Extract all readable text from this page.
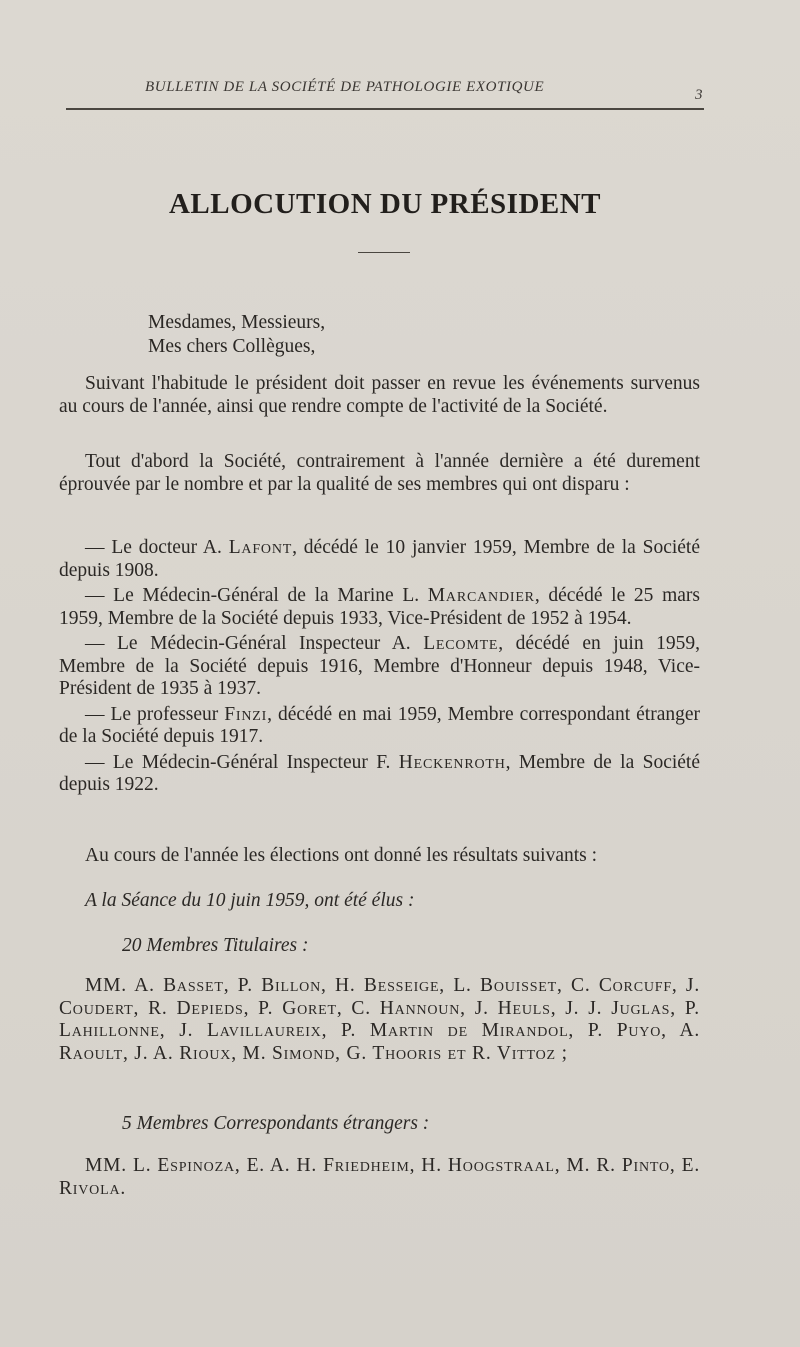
BULLETIN DE LA SOCIÉTÉ DE PATHOLOGIE EXOTIQUE	3
ALLOCUTION DU PRÉSIDENT
Mesdames, Messieurs,
Mes chers Collègues,

Suivant l'habitude le président doit passer en revue les événements survenus au cours de l'année, ainsi que rendre compte de l'activité de la Société.

Tout d'abord la Société, contrairement à l'année dernière a été durement éprouvée par le nombre et par la qualité de ses membres qui ont disparu :

— Le docteur A. Lafont, décédé le 10 janvier 1959, Membre de la Société depuis 1908.

— Le Médecin-Général de la Marine L. Marcandier, décédé le 25 mars 1959, Membre de la Société depuis 1933, Vice-Président de 1952 à 1954.

— Le Médecin-Général Inspecteur A. Lecomte, décédé en juin 1959, Membre de la Société depuis 1916, Membre d'Honneur depuis 1948, Vice-Président de 1935 à 1937.

— Le professeur Finzi, décédé en mai 1959, Membre correspondant étranger de la Société depuis 1917.

— Le Médecin-Général Inspecteur F. Heckenroth, Membre de la Société depuis 1922.

Au cours de l'année les élections ont donné les résultats suivants :

A la Séance du 10 juin 1959, ont été élus :
20 Membres Titulaires :

MM. A. Basset, P. Billon, H. Besseige, L. Bouisset, C. Corcuff, J. Coudert, R. Depieds, P. Goret, C. Hannoun, J. Heuls, J. J. Juglas, P. Lahillonne, J. Lavillaureix, P. Martin de Mirandol, P. Puyo, A. Raoult, J. A. Rioux, M. Simond, G. Thooris et R. Vittoz ;

5 Membres Correspondants étrangers :

MM. L. Espinoza, E. A. H. Friedheim, H. Hoogstraal, M. R. Pinto, E. Rivola.
